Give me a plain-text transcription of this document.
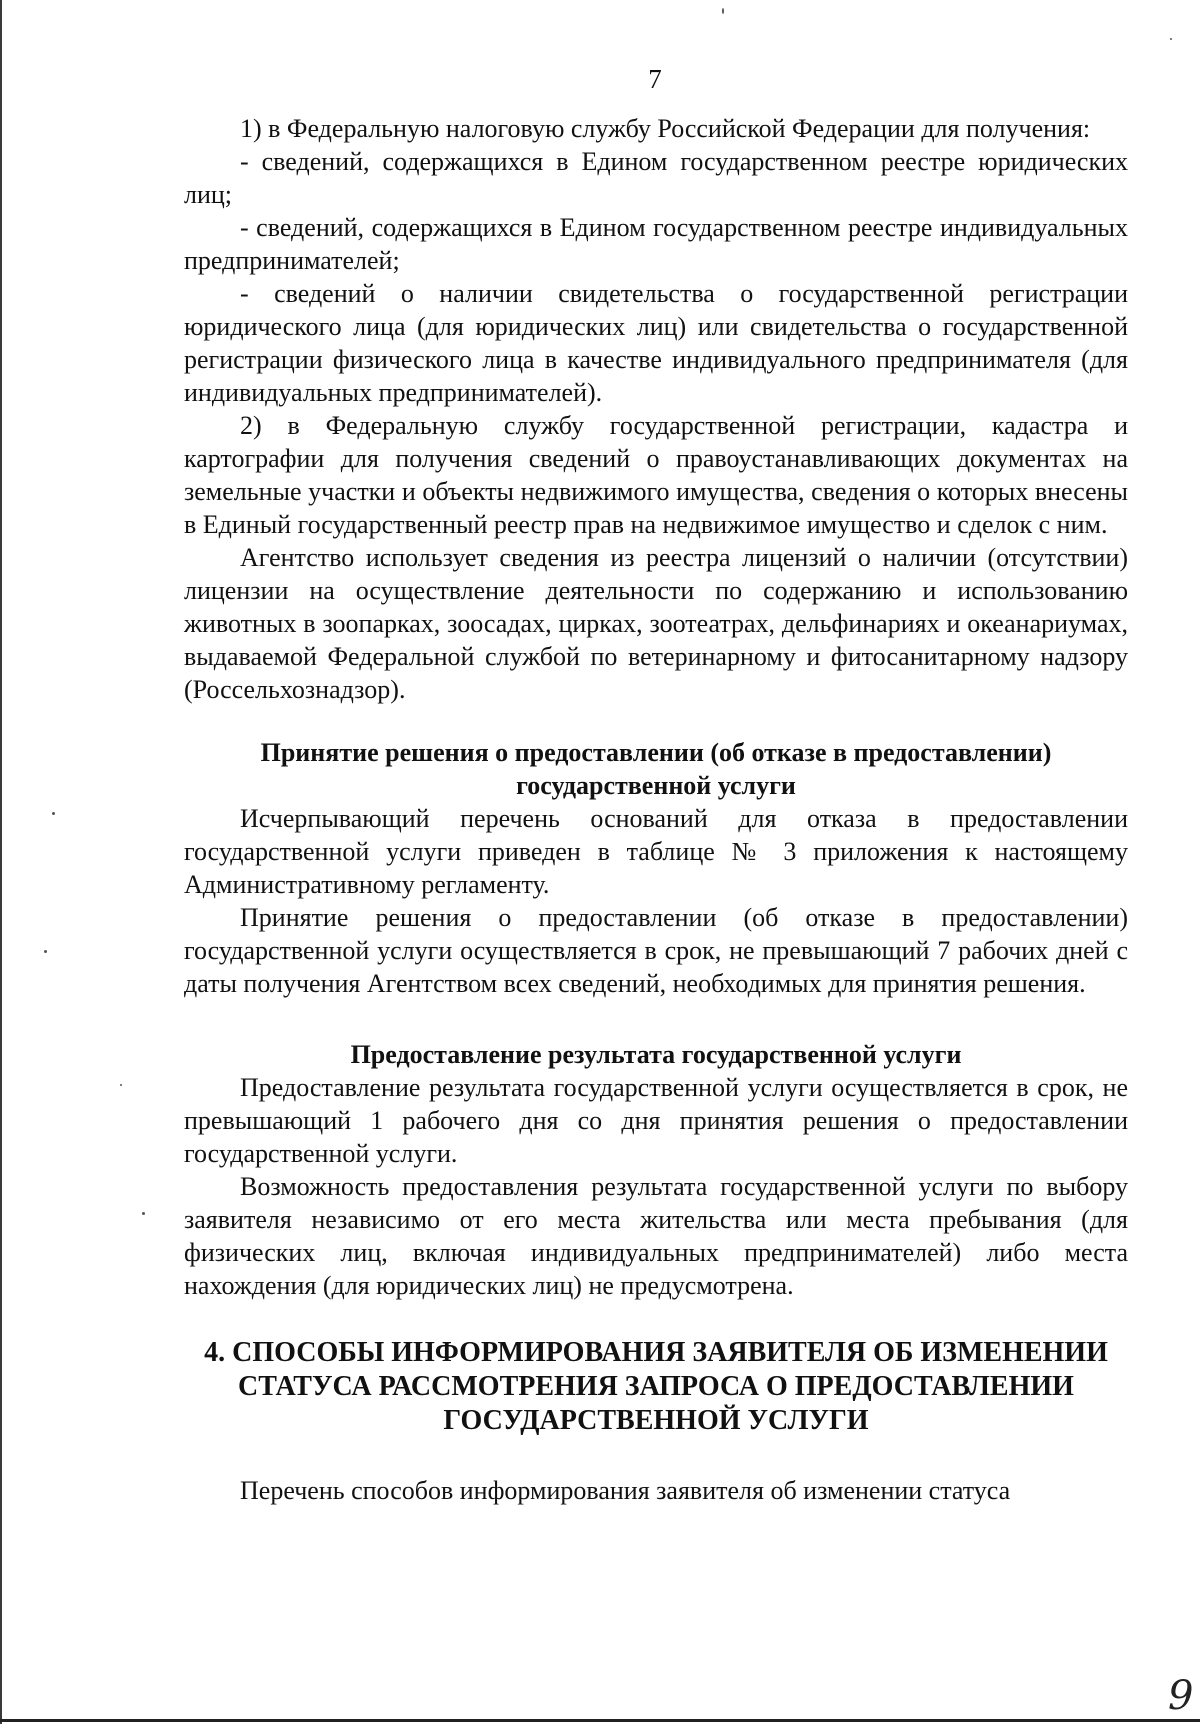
7

1) в Федеральную налоговую службу Российской Федерации для получения:

- сведений, содержащихся в Едином государственном реестре юридических лиц;

- сведений, содержащихся в Едином государственном реестре индивидуальных предпринимателей;

- сведений о наличии свидетельства о государственной регистрации юридического лица (для юридических лиц) или свидетельства о государственной регистрации физического лица в качестве индивидуального предпринимателя (для индивидуальных предпринимателей).

2) в Федеральную службу государственной регистрации, кадастра и картографии для получения сведений о правоустанавливающих документах на земельные участки и объекты недвижимого имущества, сведения о которых внесены в Единый государственный реестр прав на недвижимое имущество и сделок с ним.

Агентство использует сведения из реестра лицензий о наличии (отсутствии) лицензии на осуществление деятельности по содержанию и использованию животных в зоопарках, зоосадах, цирках, зоотеатрах, дельфинариях и океанариумах, выдаваемой Федеральной службой по ветеринарному и фитосанитарному надзору (Россельхознадзор).

Принятие решения о предоставлении (об отказе в предоставлении) государственной услуги

Исчерпывающий перечень оснований для отказа в предоставлении государственной услуги приведен в таблице № 3 приложения к настоящему Административному регламенту.

Принятие решения о предоставлении (об отказе в предоставлении) государственной услуги осуществляется в срок, не превышающий 7 рабочих дней с даты получения Агентством всех сведений, необходимых для принятия решения.

Предоставление результата государственной услуги

Предоставление результата государственной услуги осуществляется в срок, не превышающий 1 рабочего дня со дня принятия решения о предоставлении государственной услуги.

Возможность предоставления результата государственной услуги по выбору заявителя независимо от его места жительства или места пребывания (для физических лиц, включая индивидуальных предпринимателей) либо места нахождения (для юридических лиц) не предусмотрена.

4. СПОСОБЫ ИНФОРМИРОВАНИЯ ЗАЯВИТЕЛЯ ОБ ИЗМЕНЕНИИ СТАТУСА РАССМОТРЕНИЯ ЗАПРОСА О ПРЕДОСТАВЛЕНИИ ГОСУДАРСТВЕННОЙ УСЛУГИ

Перечень способов информирования заявителя об изменении статуса

9
